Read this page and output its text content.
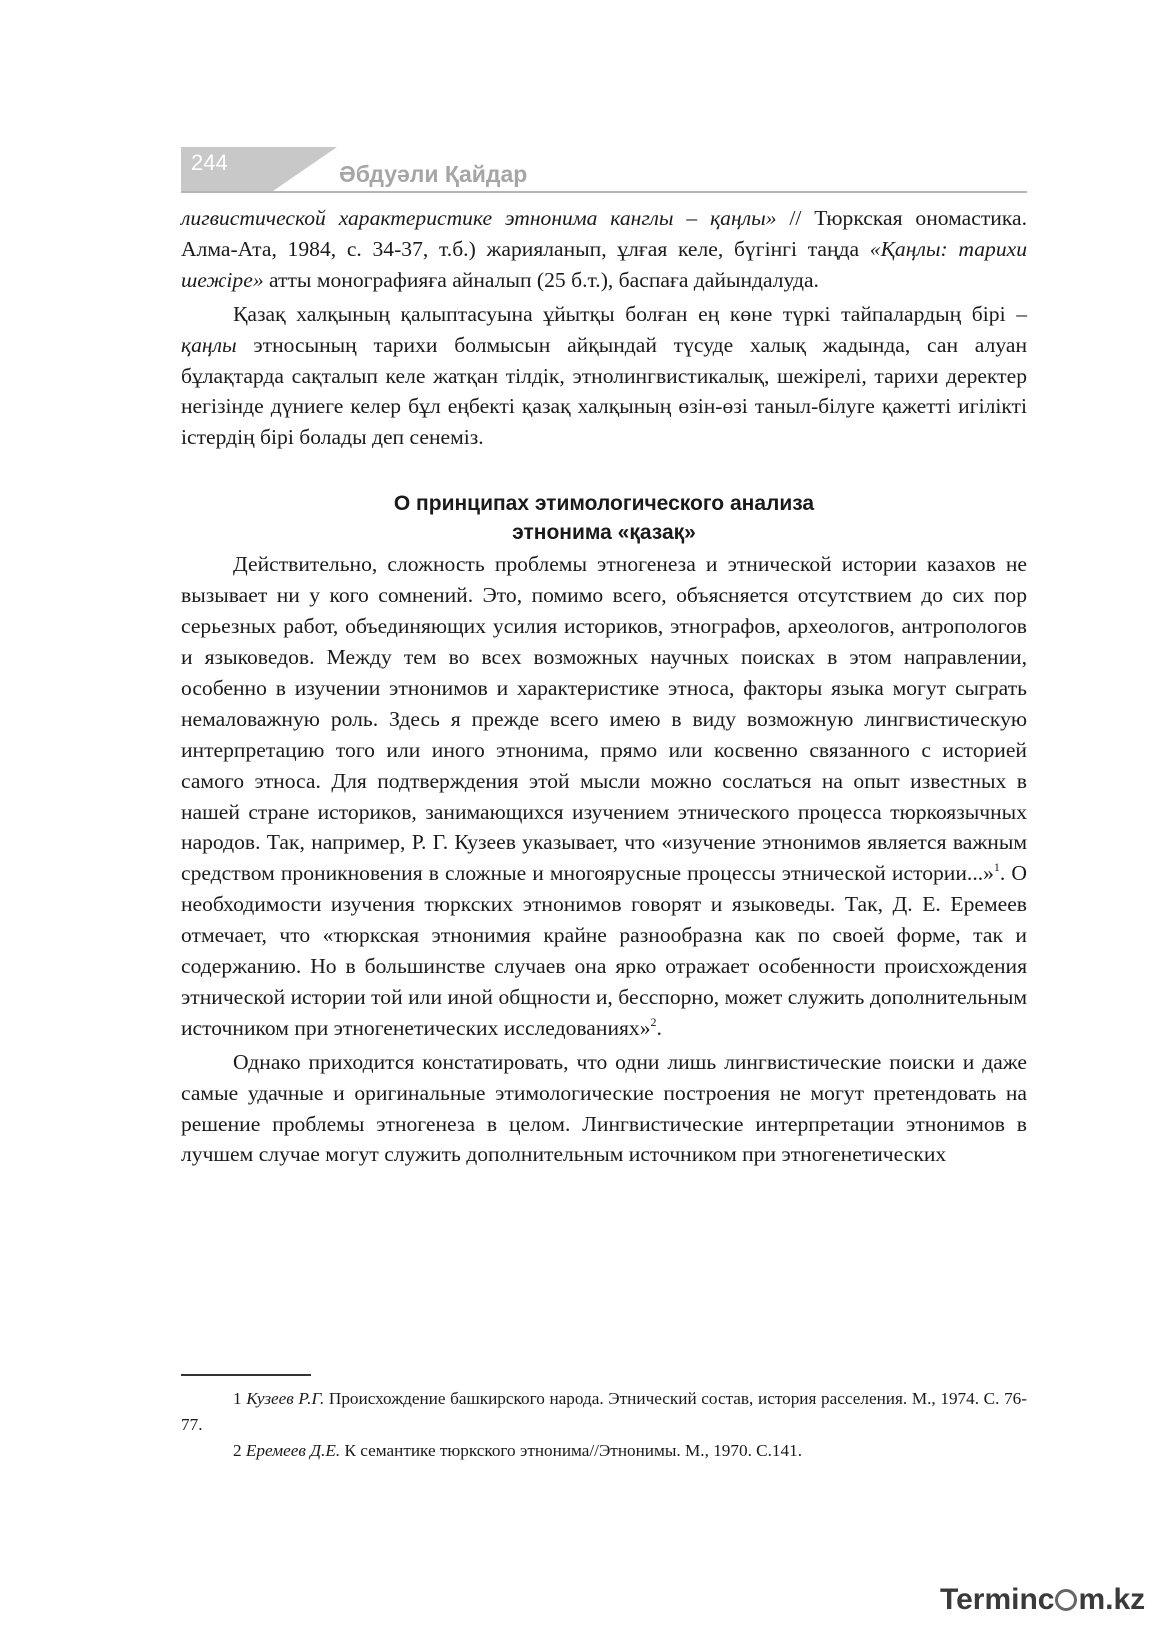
244	Әбдуәли Қайдар

лигвистической характеристике этнонима канглы – қаңлы» // Тюркская ономастика. Алма-Ата, 1984, с. 34-37, т.б.) жарияланып, ұлғая келе, бүгінгі таңда «Қаңлы: тарихи шежіре» атты монографияға айналып (25 б.т.), баспаға дайындалуда.

Қазақ халқының қалыптасуына ұйытқы болған ең көне түркі тайпалардың бірі – қаңлы этносының тарихи болмысын айқындай түсуде халық жадында, сан алуан бұлақтарда сақталып келе жатқан тілдік, этнолингвистикалық, шежірелі, тарихи деректер негізінде дүниеге келер бұл еңбекті қазақ халқының өзін-өзі таныл-білуге қажетті игілікті істердің бірі болады деп сенеміз.

О принципах этимологического анализа
этнонима «қазақ»

Действительно, сложность проблемы этногенеза и этнической истории казахов не вызывает ни у кого сомнений. Это, помимо всего, объясняется отсутствием до сих пор серьезных работ, объединяющих усилия историков, этнографов, археологов, антропологов и языковедов. Между тем во всех возможных научных поисках в этом направлении, особенно в изучении этнонимов и характеристике этноса, факторы языка могут сыграть немаловажную роль. Здесь я прежде всего имею в виду возможную лингвистическую интерпретацию того или иного этнонима, прямо или косвенно связанного с историей самого этноса. Для подтверждения этой мысли можно сослаться на опыт известных в нашей стране историков, занимающихся изучением этнического процесса тюркоязычных народов. Так, например, Р. Г. Кузеев указывает, что «изучение этнонимов является важным средством проникновения в сложные и многоярусные процессы этнической истории...»$^1$. О необходимости изучения тюркских этнонимов говорят и языковеды. Так, Д. Е. Еремеев отмечает, что «тюркская этнонимия крайне разнообразна как по своей форме, так и содержанию. Но в большинстве случаев она ярко отражает особенности происхождения этнической истории той или иной общности и, бесспорно, может служить дополнительным источником при этногенетических исследованиях»$^2$.

Однако приходится констатировать, что одни лишь лингвистические поиски и даже самые удачные и оригинальные этимологические построения не могут претендовать на решение проблемы этногенеза в целом. Лингвистические интерпретации этнонимов в лучшем случае могут служить дополнительным источником при этногенетических

1 Кузеев Р.Г. Происхождение башкирского народа. Этнический состав, история расселения. М., 1974. С. 76-77.

2 Еремеев Д.Е. К семантике тюркского этнонима//Этнонимы. М., 1970. С.141.

Terminc m.kz
